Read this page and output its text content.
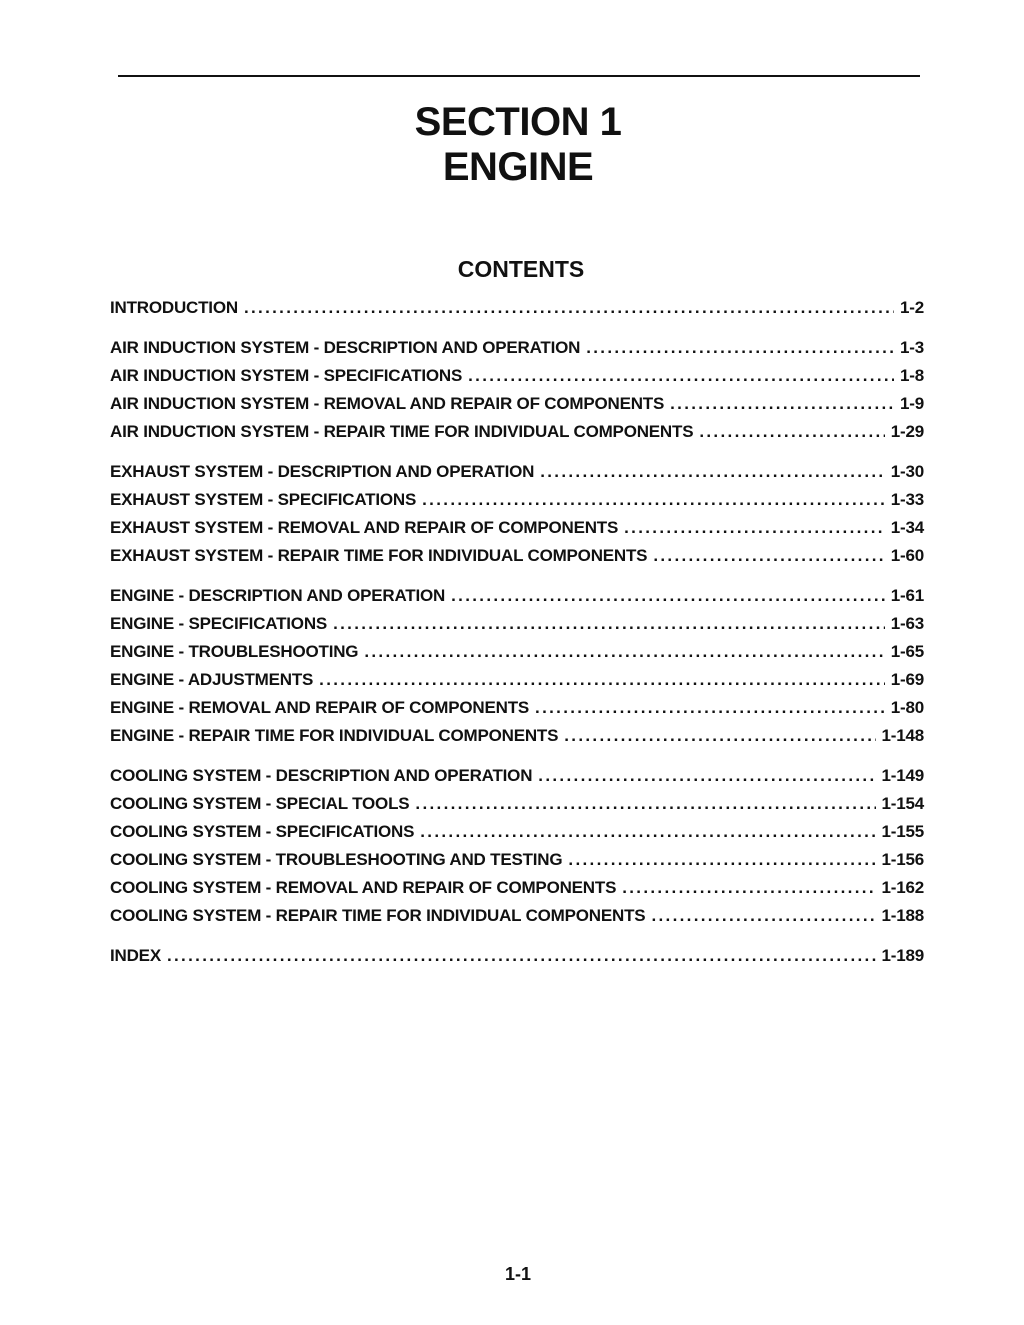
SECTION 1
ENGINE
CONTENTS
INTRODUCTION . . .	1-2
AIR INDUCTION SYSTEM - DESCRIPTION AND OPERATION . . .	1-3
AIR INDUCTION SYSTEM - SPECIFICATIONS . . .	1-8
AIR INDUCTION SYSTEM - REMOVAL AND REPAIR OF COMPONENTS . . .	1-9
AIR INDUCTION SYSTEM - REPAIR TIME FOR INDIVIDUAL COMPONENTS . . .	1-29
EXHAUST SYSTEM - DESCRIPTION AND OPERATION . . .	1-30
EXHAUST SYSTEM - SPECIFICATIONS . . .	1-33
EXHAUST SYSTEM - REMOVAL AND REPAIR OF COMPONENTS . . .	1-34
EXHAUST SYSTEM - REPAIR TIME FOR INDIVIDUAL COMPONENTS . . .	1-60
ENGINE - DESCRIPTION AND OPERATION . . .	1-61
ENGINE - SPECIFICATIONS . . .	1-63
ENGINE - TROUBLESHOOTING . . .	1-65
ENGINE - ADJUSTMENTS . . .	1-69
ENGINE - REMOVAL AND REPAIR OF COMPONENTS . . .	1-80
ENGINE - REPAIR TIME FOR INDIVIDUAL COMPONENTS . . .	1-148
COOLING SYSTEM - DESCRIPTION AND OPERATION . . .	1-149
COOLING SYSTEM - SPECIAL TOOLS . . .	1-154
COOLING SYSTEM - SPECIFICATIONS . . .	1-155
COOLING SYSTEM - TROUBLESHOOTING AND TESTING . . .	1-156
COOLING SYSTEM - REMOVAL AND REPAIR OF COMPONENTS . . .	1-162
COOLING SYSTEM - REPAIR TIME FOR INDIVIDUAL COMPONENTS . . .	1-188
INDEX . . .	1-189
1-1
